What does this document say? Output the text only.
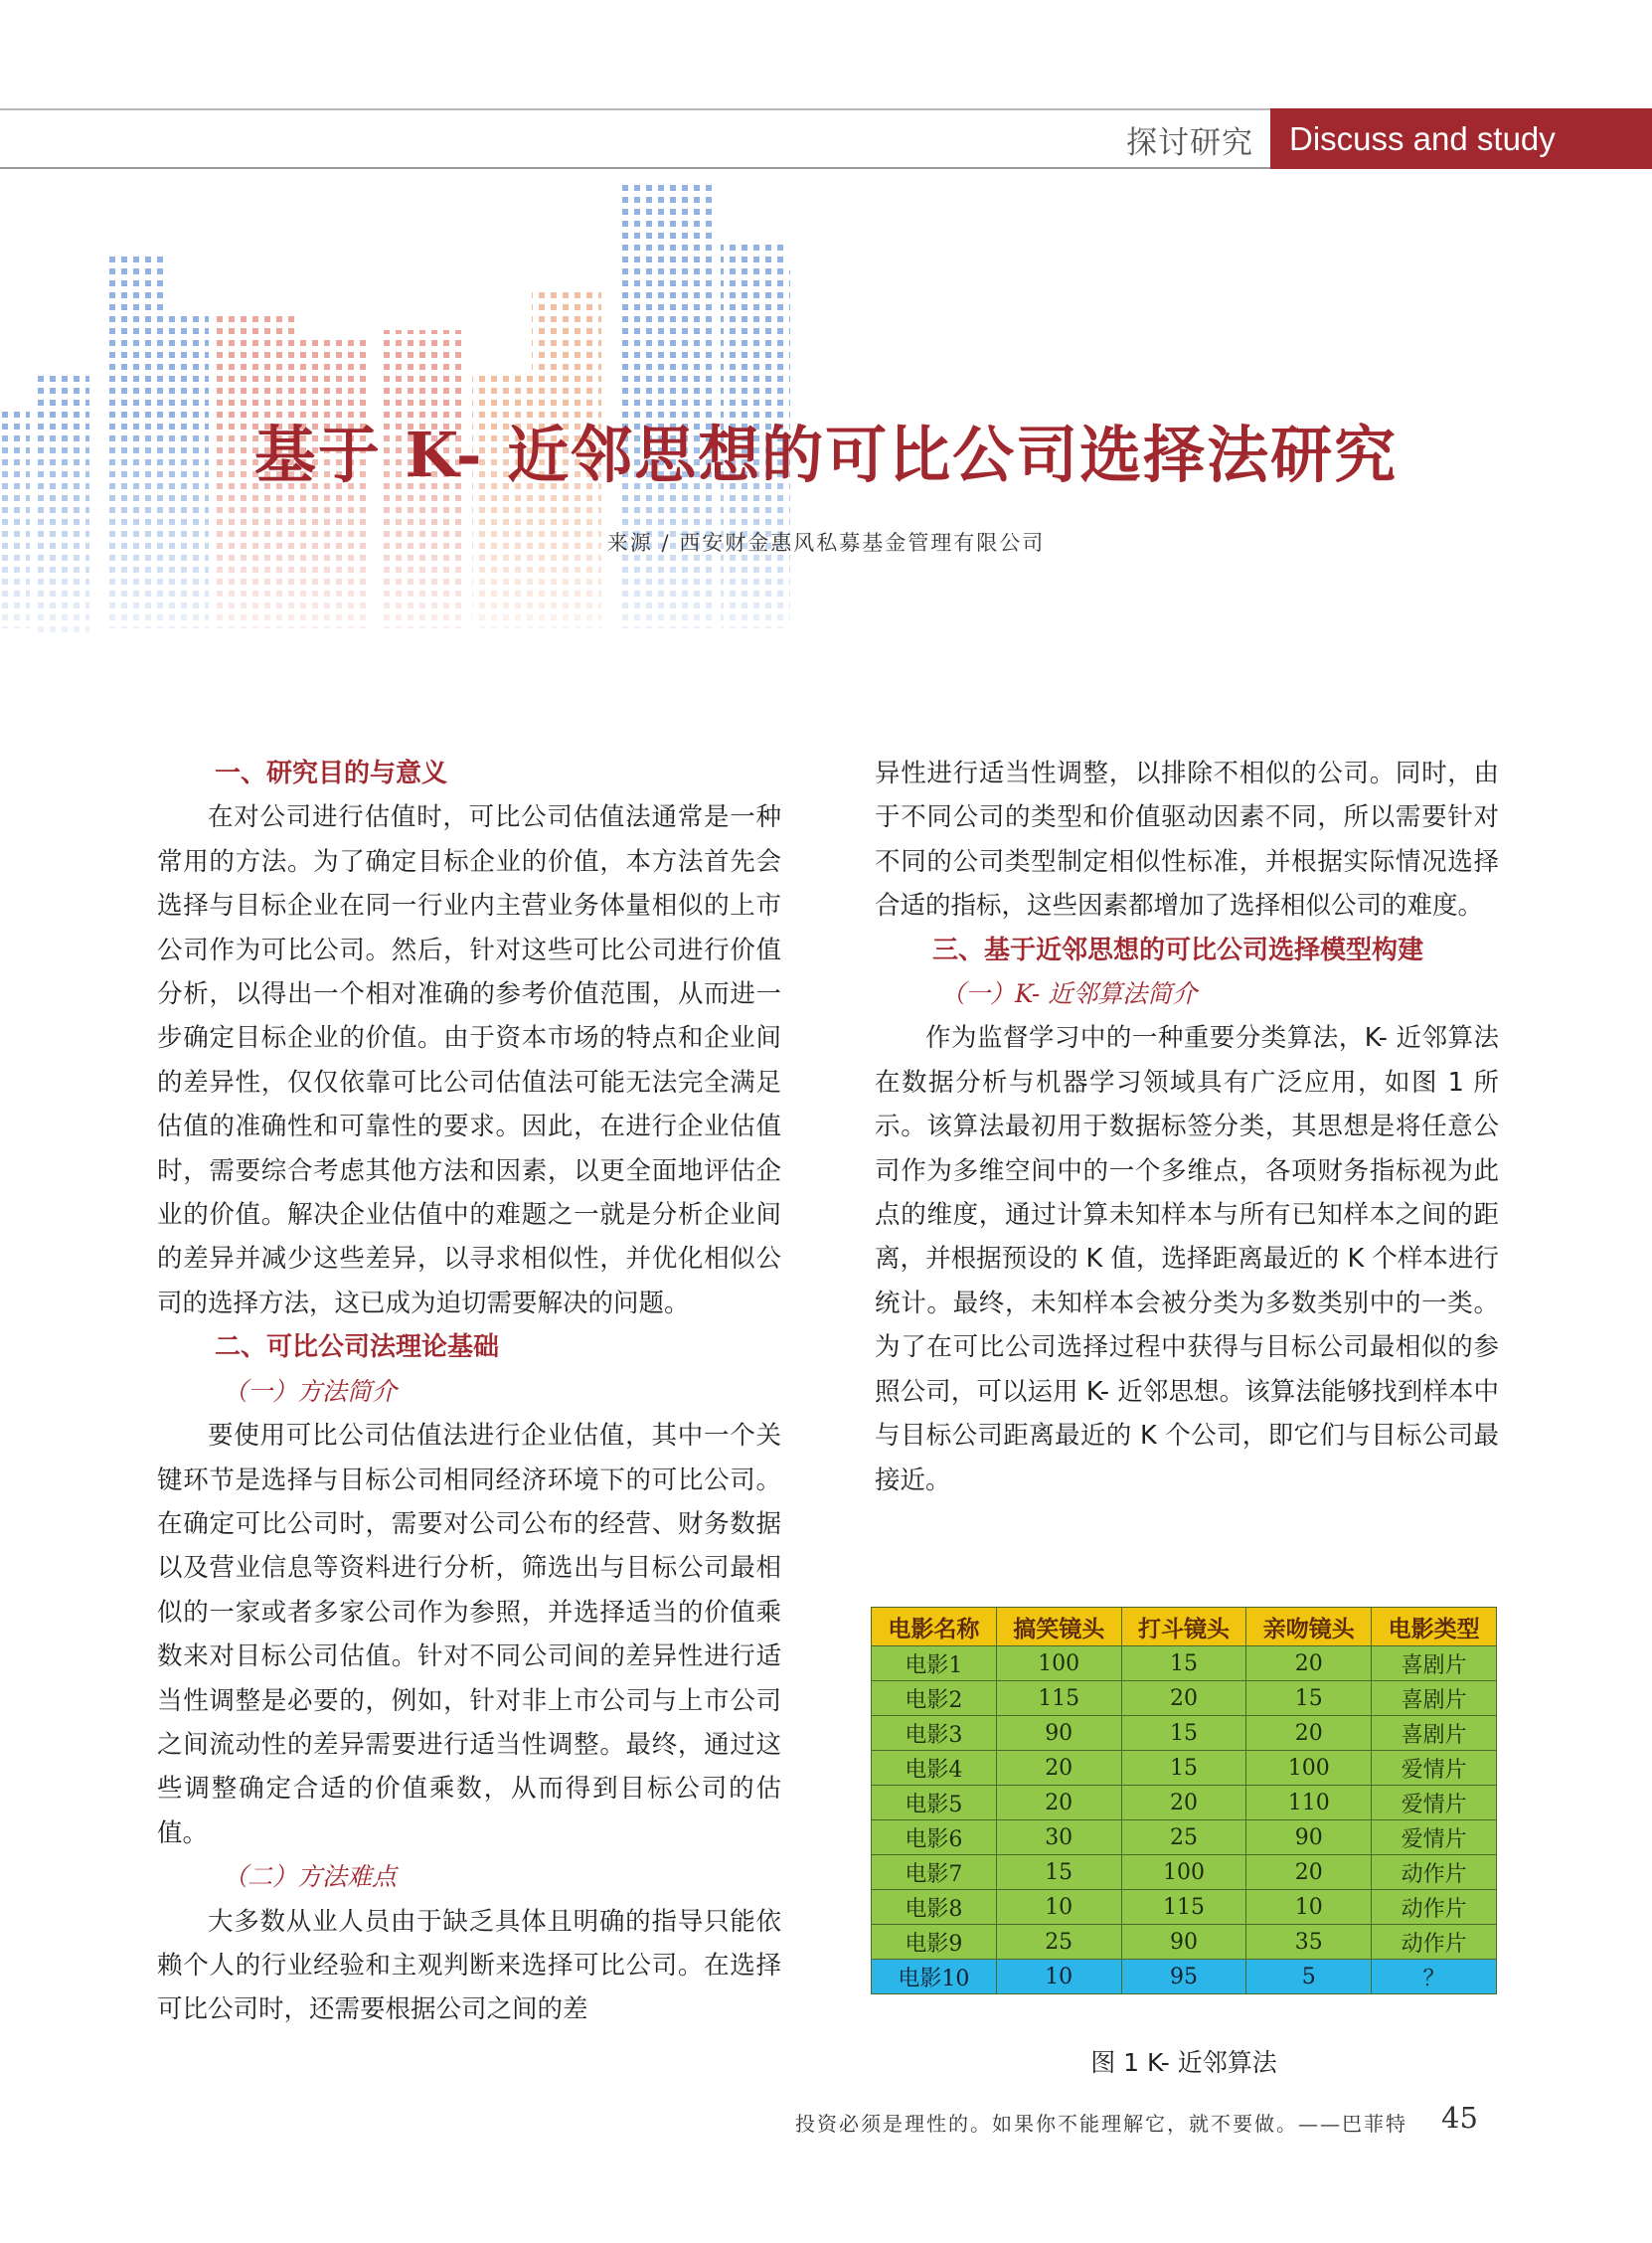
探讨研究	Discuss and study
基于 K- 近邻思想的可比公司选择法研究
来源 / 西安财金惠风私募基金管理有限公司

一、研究目的与意义

在对公司进行估值时，可比公司估值法通常是一种常用的方法。为了确定目标企业的价值，本方法首先会选择与目标企业在同一行业内主营业务体量相似的上市公司作为可比公司。然后，针对这些可比公司进行价值分析，以得出一个相对准确的参考价值范围，从而进一步确定目标企业的价值。由于资本市场的特点和企业间的差异性，仅仅依靠可比公司估值法可能无法完全满足估值的准确性和可靠性的要求。因此，在进行企业估值时，需要综合考虑其他方法和因素，以更全面地评估企业的价值。解决企业估值中的难题之一就是分析企业间的差异并减少这些差异，以寻求相似性，并优化相似公司的选择方法，这已成为迫切需要解决的问题。

二、可比公司法理论基础

（一）方法简介

要使用可比公司估值法进行企业估值，其中一个关键环节是选择与目标公司相同经济环境下的可比公司。在确定可比公司时，需要对公司公布的经营、财务数据以及营业信息等资料进行分析，筛选出与目标公司最相似的一家或者多家公司作为参照，并选择适当的价值乘数来对目标公司估值。针对不同公司间的差异性进行适当性调整是必要的，例如，针对非上市公司与上市公司之间流动性的差异需要进行适当性调整。最终，通过这些调整确定合适的价值乘数，从而得到目标公司的估值。

（二）方法难点

大多数从业人员由于缺乏具体且明确的指导只能依赖个人的行业经验和主观判断来选择可比公司。在选择可比公司时，还需要根据公司之间的差

异性进行适当性调整，以排除不相似的公司。同时，由于不同公司的类型和价值驱动因素不同，所以需要针对不同的公司类型制定相似性标准，并根据实际情况选择合适的指标，这些因素都增加了选择相似公司的难度。

三、基于近邻思想的可比公司选择模型构建

（一）K- 近邻算法简介

作为监督学习中的一种重要分类算法，K- 近邻算法在数据分析与机器学习领域具有广泛应用，如图 1 所示。该算法最初用于数据标签分类，其思想是将任意公司作为多维空间中的一个多维点，各项财务指标视为此点的维度，通过计算未知样本与所有已知样本之间的距离，并根据预设的 K 值，选择距离最近的 K 个样本进行统计。最终，未知样本会被分类为多数类别中的一类。为了在可比公司选择过程中获得与目标公司最相似的参照公司，可以运用 K- 近邻思想。该算法能够找到样本中与目标公司距离最近的 K 个公司，即它们与目标公司最接近。

电影名称	搞笑镜头	打斗镜头	亲吻镜头	电影类型
电影1	100	15	20	喜剧片
电影2	115	20	15	喜剧片
电影3	90	15	20	喜剧片
电影4	20	15	100	爱情片
电影5	20	20	110	爱情片
电影6	30	25	90	爱情片
电影7	15	100	20	动作片
电影8	10	115	10	动作片
电影9	25	90	35	动作片
电影10	10	95	5	？
图 1 K- 近邻算法
投资必须是理性的。如果你不能理解它，就不要做。——巴菲特 45
